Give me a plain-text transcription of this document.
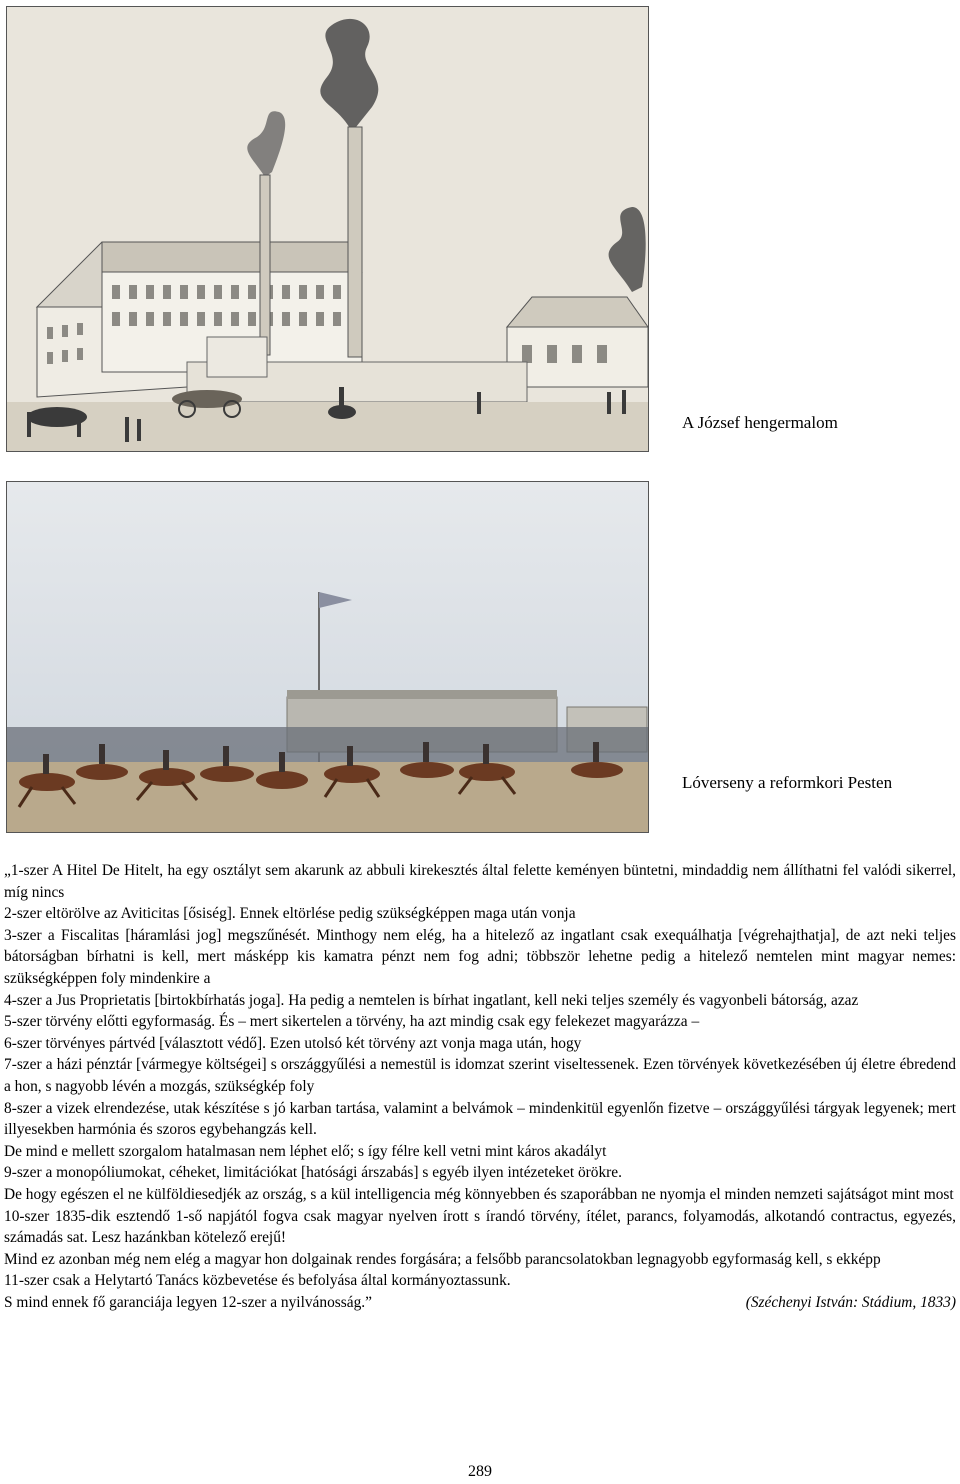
A József hengermalom
Lóverseny a reformkori Pesten

„1-szer A Hitel De Hitelt, ha egy osztályt sem akarunk az abbuli kirekesztés által felette keményen büntetni, mindaddig nem állíthatni fel valódi sikerrel, míg nincs

2-szer eltörölve az Aviticitas [ősiség]. Ennek eltörlése pedig szükségképpen maga után vonja

3-szer a Fiscalitas [háramlási jog] megszűnését. Minthogy nem elég, ha a hitelező az ingatlant csak exequálhatja [végrehajthatja], de azt neki teljes bátorságban bírhatni is kell, mert másképp kis kamatra pénzt nem fog adni; többször lehetne pedig a hitelező nemtelen mint magyar nemes: szükségképpen foly mindenkire a

4-szer a Jus Proprietatis [birtokbírhatás joga]. Ha pedig a nemtelen is bírhat ingatlant, kell neki teljes személy és vagyonbeli bátorság, azaz

5-szer törvény előtti egyformaság. És – mert sikertelen a törvény, ha azt mindig csak egy felekezet magyarázza –

6-szer törvényes pártvéd [választott védő]. Ezen utolsó két törvény azt vonja maga után, hogy

7-szer a házi pénztár [vármegye költségei] s országgyűlési a nemestül is idomzat szerint viseltessenek. Ezen törvények következésében új életre ébredend a hon, s nagyobb lévén a mozgás, szükségkép foly

8-szer a vizek elrendezése, utak készítése s jó karban tartása, valamint a belvámok – mindenkitül egyenlőn fizetve – országgyűlési tárgyak legyenek; mert illyesekben harmónia és szoros egybehangzás kell.

De mind e mellett szorgalom hatalmasan nem léphet elő; s így félre kell vetni mint káros akadályt

9-szer a monopóliumokat, céheket, limitációkat [hatósági árszabás] s egyéb ilyen intézeteket örökre.

De hogy egészen el ne külföldiesedjék az ország, s a kül intelligencia még könnyebben és szaporábban ne nyomja el minden nemzeti sajátságot mint most

10-szer 1835-dik esztendő 1-ső napjától fogva csak magyar nyelven írott s írandó törvény, ítélet, parancs, folyamodás, alkotandó contractus, egyezés, számadás sat. Lesz hazánkban kötelező erejű!

Mind ez azonban még nem elég a magyar hon dolgainak rendes forgására; a felsőbb parancsolatokban legnagyobb egyformaság kell, s ekképp

11-szer csak a Helytartó Tanács közbevetése és befolyása által kormányoztassunk.

S mind ennek fő garanciája legyen 12-szer a nyilvánosság.”	(Széchenyi István: Stádium, 1833)
289
